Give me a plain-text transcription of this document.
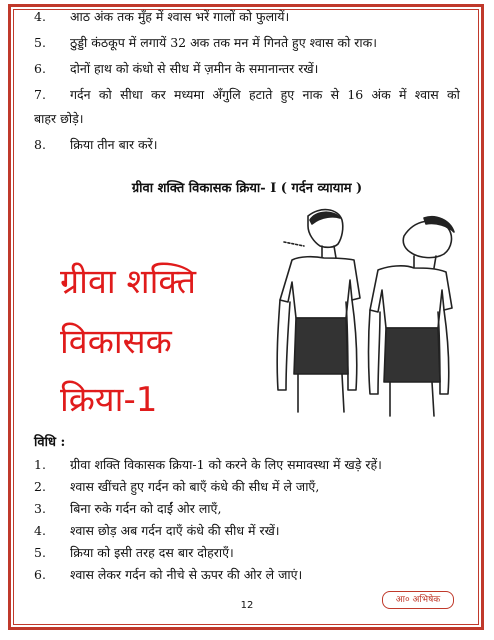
4.	आठ अंक तक मुँह में श्वास भरें गालों को फुलायें।
5.	ठुड्डी कंठकूप में लगायें 32 अक तक मन में गिनते हुए श्वास को राक।
6.	दोनों हाथ को कंधो से सीध में ज़मीन के समानान्तर रखें।
7.	गर्दन को सीधा कर मध्यमा अँगुलि हटाते हुए नाक से 16 अंक में श्वास को
बाहर छोड़े।
8.	क्रिया तीन बार करें।
ग्रीवा शक्ति विकासक क्रिया- I ( गर्दन व्यायाम )
ग्रीवा शक्ति
विकासक
क्रिया-1
विधि :
1.	ग्रीवा शक्ति विकासक क्रिया-1 को करने के लिए समावस्था में खड़े रहें।
2.	श्वास खींचते हुए गर्दन को बाएँ कंधे की सीध में ले जाएँ,
3.	बिना रुके गर्दन को दाईं ओर लाएँ,
4.	श्वास छोड़ अब गर्दन दाएँ कंधे की सीध में रखें।
5.	क्रिया को इसी तरह दस बार दोहराएँ।
6.	श्वास लेकर गर्दन को नीचे से ऊपर की ओर ले जाएं।
12	आ० अभिषेक
